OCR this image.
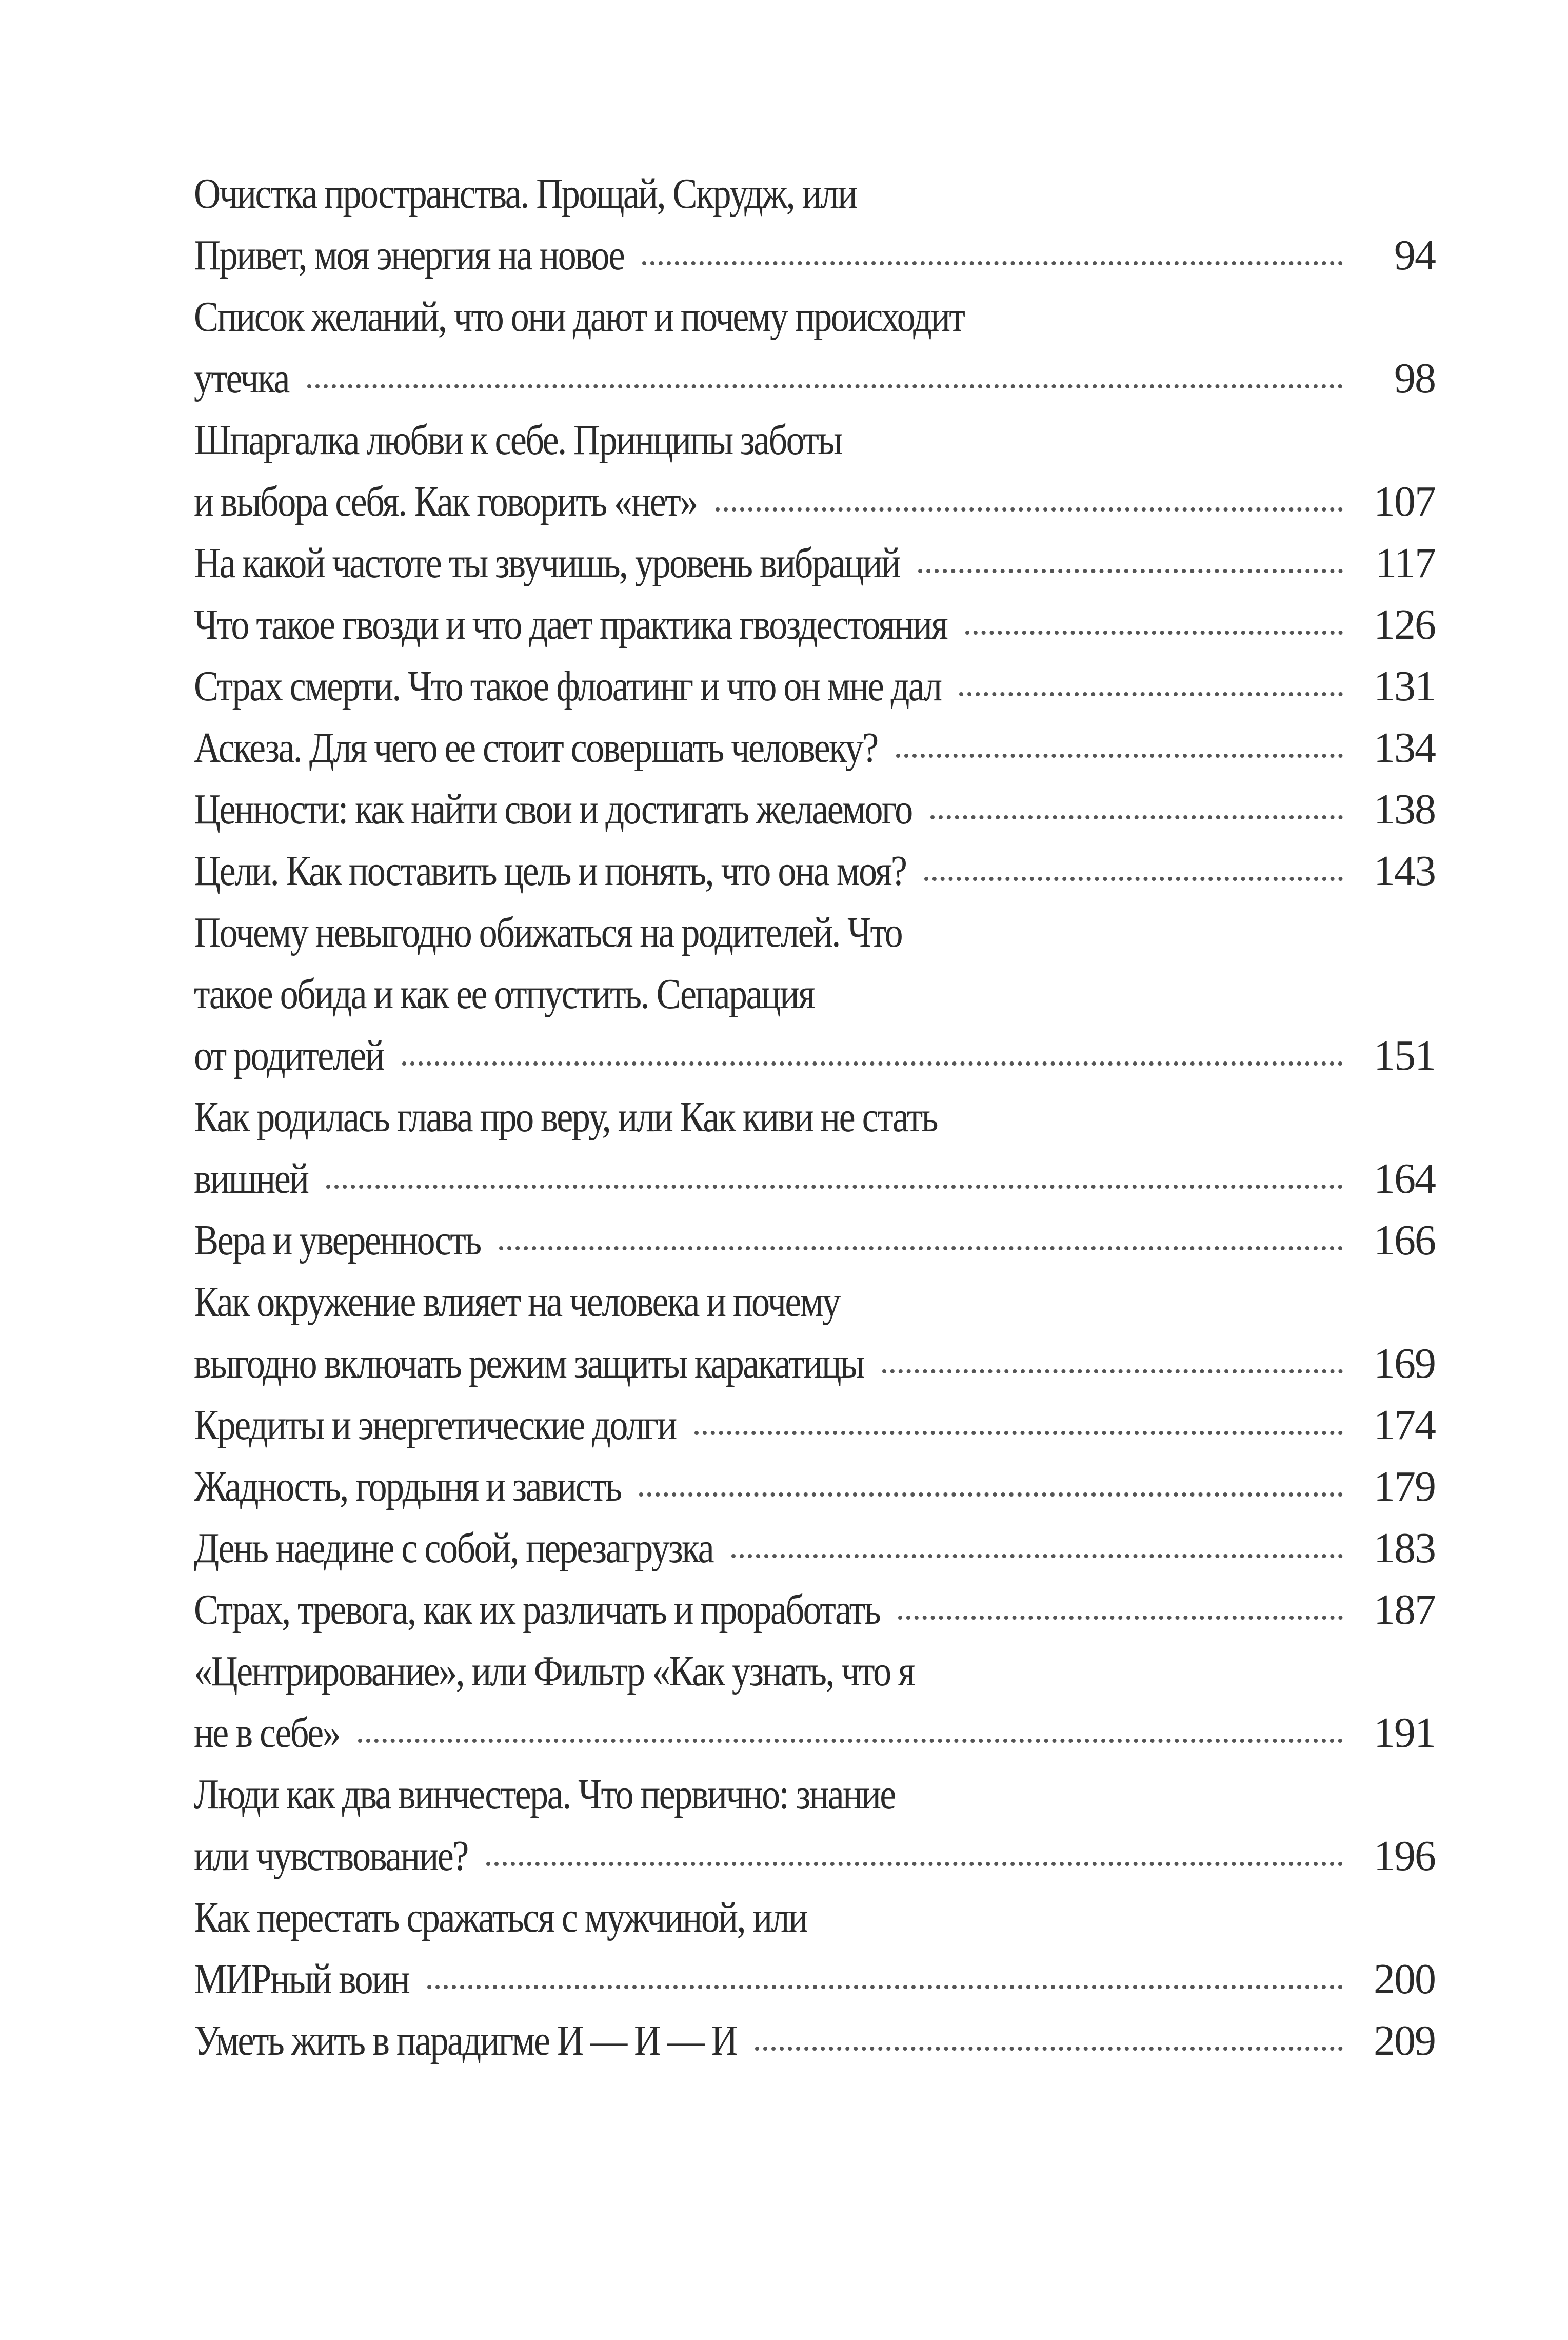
Очистка пространства. Прощай, Скрудж, или
Привет, моя энергия на новое	94
Список желаний, что они дают и почему происходит
утечка	98
Шпаргалка любви к себе. Принципы заботы
и выбора себя. Как говорить «нет»	107
На какой частоте ты звучишь, уровень вибраций	117
Что такое гвозди и что дает практика гвоздестояния	126
Страх смерти. Что такое флоатинг и что он мне дал	131
Аскеза. Для чего ее стоит совершать человеку?	134
Ценности: как найти свои и достигать желаемого	138
Цели. Как поставить цель и понять, что она моя?	143
Почему невыгодно обижаться на родителей. Что
такое обида и как ее отпустить. Сепарация
от родителей	151
Как родилась глава про веру, или Как киви не стать
вишней	164
Вера и уверенность	166
Как окружение влияет на человека и почему
выгодно включать режим защиты каракатицы	169
Кредиты и энергетические долги	174
Жадность, гордыня и зависть	179
День наедине с собой, перезагрузка	183
Страх, тревога, как их различать и проработать	187
«Центрирование», или Фильтр «Как узнать, что я
не в себе»	191
Люди как два винчестера. Что первично: знание
или чувствование?	196
Как перестать сражаться с мужчиной, или
МИРный воин	200
Уметь жить в парадигме И — И — И	209
